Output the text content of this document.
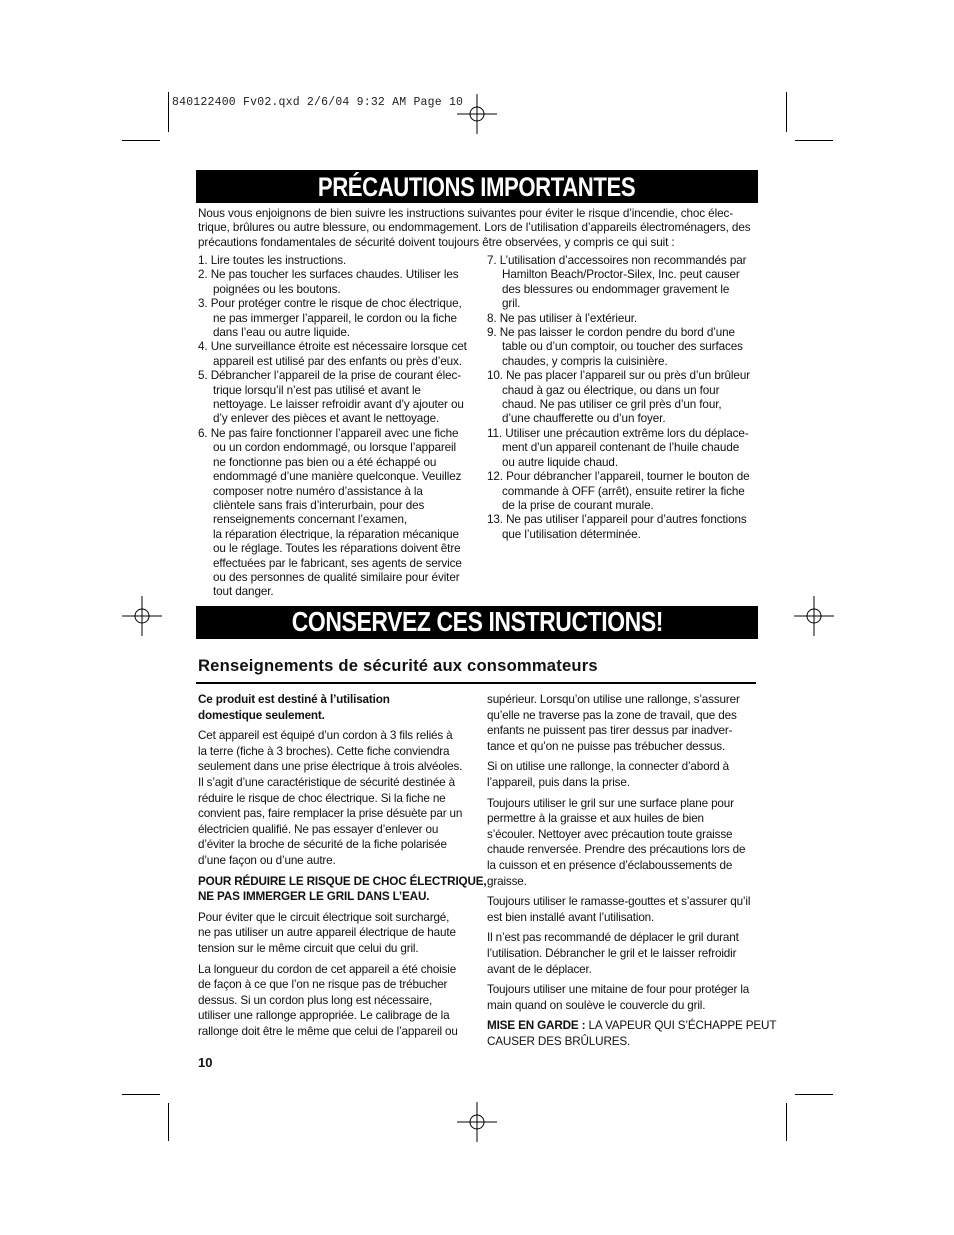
840122400 Fv02.qxd 2/6/04 9:32 AM Page 10
PRÉCAUTIONS IMPORTANTES
Nous vous enjoignons de bien suivre les instructions suivantes pour éviter le risque d’incendie, choc élec-
trique, brûlures ou autre blessure, ou endommagement. Lors de l’utilisation d’appareils électroménagers, des
précautions fondamentales de sécurité doivent toujours être observées, y compris ce qui suit :
1. Lire toutes les instructions.
2. Ne pas toucher les surfaces chaudes. Utiliser les
poignées ou les boutons.
3. Pour protéger contre le risque de choc électrique,
ne pas immerger l’appareil, le cordon ou la fiche
dans l’eau ou autre liquide.
4. Une surveillance étroite est nécessaire lorsque cet
appareil est utilisé par des enfants ou près d’eux.
5. Débrancher l’appareil de la prise de courant élec-
trique lorsqu’il n’est pas utilisé et avant le
nettoyage. Le laisser refroidir avant d’y ajouter ou
d’y enlever des pièces et avant le nettoyage.
6. Ne pas faire fonctionner l’appareil avec une fiche
ou un cordon endommagé, ou lorsque l’appareil
ne fonctionne pas bien ou a été échappé ou
endommagé d’une manière quelconque. Veuillez
composer notre numéro d’assistance à la
clièntele sans frais d’interurbain, pour des
renseignements concernant l’examen,
la réparation électrique, la réparation mécanique
ou le réglage. Toutes les réparations doivent être
effectuées par le fabricant, ses agents de service
ou des personnes de qualité similaire pour éviter
tout danger.
7. L’utilisation d’accessoires non recommandés par
Hamilton Beach/Proctor-Silex, Inc. peut causer
des blessures ou endommager gravement le
gril.
8. Ne pas utiliser à l’extérieur.
9. Ne pas laisser le cordon pendre du bord d’une
table ou d’un comptoir, ou toucher des surfaces
chaudes, y compris la cuisinière.
10. Ne pas placer l’appareil sur ou près d’un brûleur
chaud à gaz ou électrique, ou dans un four
chaud. Ne pas utiliser ce gril près d’un four,
d’une chaufferette ou d’un foyer.
11. Utiliser une précaution extrême lors du déplace-
ment d’un appareil contenant de l’huile chaude
ou autre liquide chaud.
12. Pour débrancher l’appareil, tourner le bouton de
commande à OFF (arrêt), ensuite retirer la fiche
de la prise de courant murale.
13. Ne pas utiliser l’appareil pour d’autres fonctions
que l’utilisation déterminée.
CONSERVEZ CES INSTRUCTIONS!
Renseignements de sécurité aux consommateurs

Ce produit est destiné à l’utilisation
domestique seulement.

Cet appareil est équipé d’un cordon à 3 fils reliés à
la terre (fiche à 3 broches). Cette fiche conviendra
seulement dans une prise électrique à trois alvéoles.
Il s’agit d’une caractéristique de sécurité destinée à
réduire le risque de choc électrique. Si la fiche ne
convient pas, faire remplacer la prise désuète par un
électricien qualifié. Ne pas essayer d’enlever ou
d’éviter la broche de sécurité de la fiche polarisée
d’une façon ou d’une autre.

POUR RÉDUIRE LE RISQUE DE CHOC ÉLECTRIQUE,
NE PAS IMMERGER LE GRIL DANS L’EAU.

Pour éviter que le circuit électrique soit surchargé,
ne pas utiliser un autre appareil électrique de haute
tension sur le même circuit que celui du gril.

La longueur du cordon de cet appareil a été choisie
de façon à ce que l’on ne risque pas de trébucher
dessus. Si un cordon plus long est nécessaire,
utiliser une rallonge appropriée. Le calibrage de la
rallonge doit être le même que celui de l’appareil ou

supérieur. Lorsqu’on utilise une rallonge, s’assurer
qu’elle ne traverse pas la zone de travail, que des
enfants ne puissent pas tirer dessus par inadver-
tance et qu’on ne puisse pas trébucher dessus.

Si on utilise une rallonge, la connecter d’abord à
l’appareil, puis dans la prise.

Toujours utiliser le gril sur une surface plane pour
permettre à la graisse et aux huiles de bien
s’écouler. Nettoyer avec précaution toute graisse
chaude renversée. Prendre des précautions lors de
la cuisson et en présence d’éclaboussements de
graisse.

Toujours utiliser le ramasse-gouttes et s’assurer qu’il
est bien installé avant l’utilisation.

Il n’est pas recommandé de déplacer le gril durant
l’utilisation. Débrancher le gril et le laisser refroidir
avant de le déplacer.

Toujours utiliser une mitaine de four pour protéger la
main quand on soulève le couvercle du gril.

MISE EN GARDE : LA VAPEUR QUI S’ÉCHAPPE PEUT
CAUSER DES BRÛLURES.

10
